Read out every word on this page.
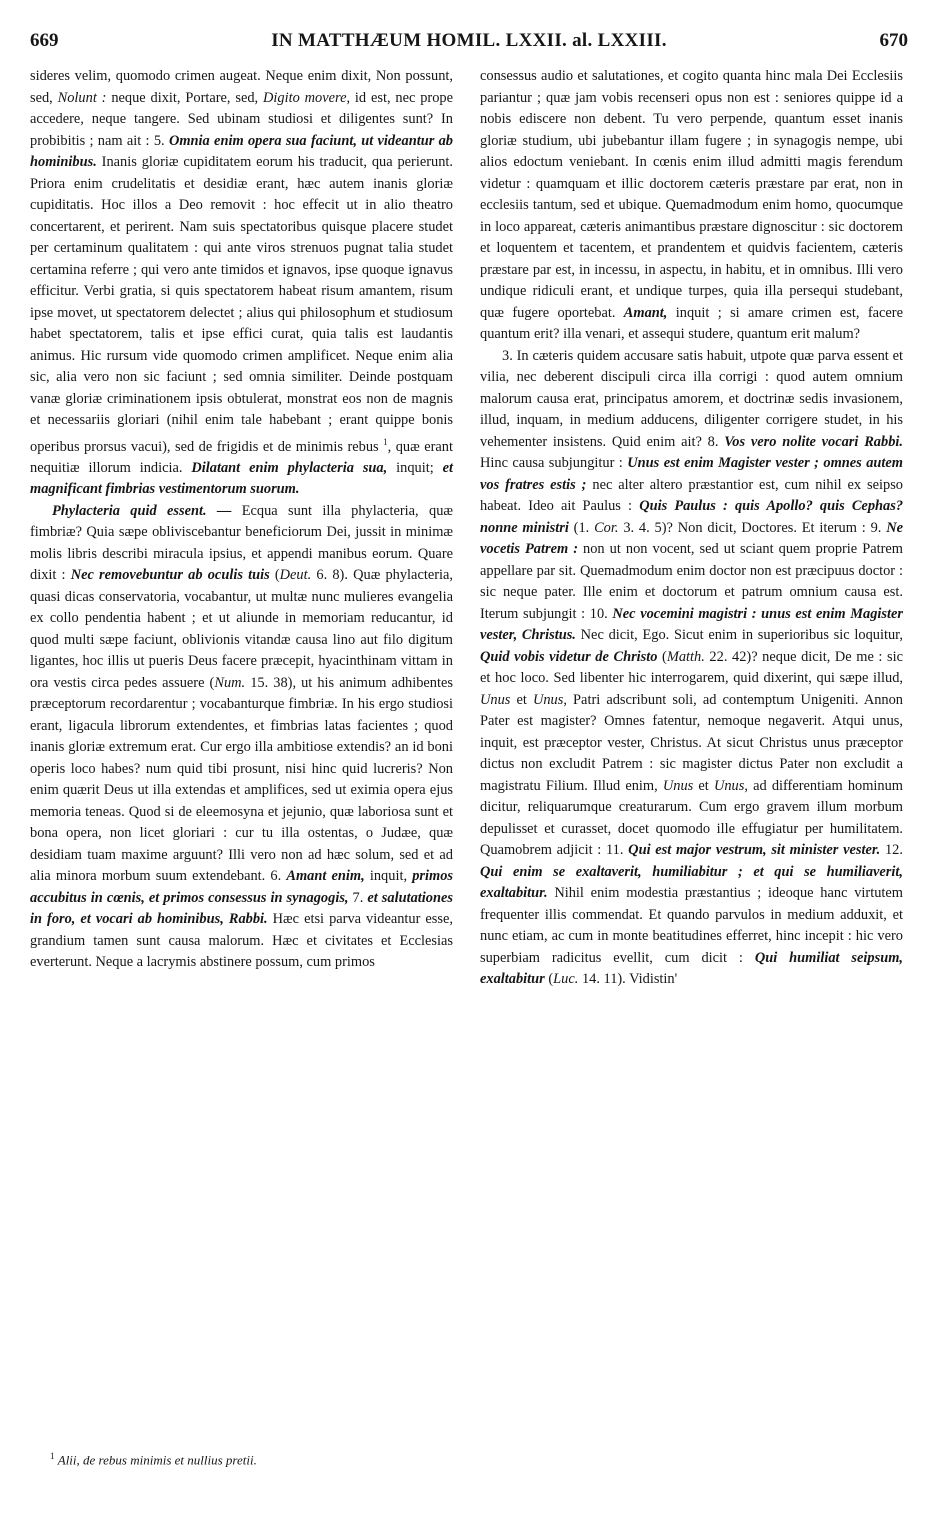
669	IN MATTHÆUM HOMIL. LXXII. al. LXXIII.	670

sideres velim, quomodo crimen augeat. Neque enim dixit, Non possunt, sed, Nolunt : neque dixit, Portare, sed, Digito movere, id est, nec prope accedere, neque tangere. Sed ubinam studiosi et diligentes sunt? In probibitis ; nam ait : 5. Omnia enim opera sua faciunt, ut videantur ab hominibus. Inanis gloriæ cupiditatem eorum his traducit, qua perierunt. Priora enim crudelitatis et desidiæ erant, hæc autem inanis gloriæ cupiditatis. Hoc illos a Deo removit : hoc effecit ut in alio theatro concertarent, et perirent. Nam suis spectatoribus quisque placere studet per certaminum qualitatem : qui ante viros strenuos pugnat talia studet certamina referre ; qui vero ante timidos et ignavos, ipse quoque ignavus efficitur. Verbi gratia, si quis spectatorem habeat risum amantem, risum ipse movet, ut spectatorem delectet ; alius qui philosophum et studiosum habet spectatorem, talis et ipse effici curat, quia talis est laudantis animus. Hic rursum vide quomodo crimen amplificet. Neque enim alia sic, alia vero non sic faciunt ; sed omnia similiter. Deinde postquam vanæ gloriæ criminationem ipsis obtulerat, monstrat eos non de magnis et necessariis gloriari (nihil enim tale habebant ; erant quippe bonis operibus prorsus vacui), sed de frigidis et de minimis rebus $^1$, quæ erant nequitiæ illorum indicia. Dilatant enim phylacteria sua, inquit; et magnificant fimbrias vestimentorum suorum.

Phylacteria quid essent. — Ecqua sunt illa phylacteria, quæ fimbriæ? Quia sæpe obliviscebantur beneficiorum Dei, jussit in minimæ molis libris describi miracula ipsius, et appendi manibus eorum. Quare dixit : Nec removebuntur ab oculis tuis (Deut. 6. 8). Quæ phylacteria, quasi dicas conservatoria, vocabantur, ut multæ nunc mulieres evangelia ex collo pendentia habent ; et ut aliunde in memoriam reducantur, id quod multi sæpe faciunt, oblivionis vitandæ causa lino aut filo digitum ligantes, hoc illis ut pueris Deus facere præcepit, hyacinthinam vittam in ora vestis circa pedes assuere (Num. 15. 38), ut his animum adhibentes præceptorum recordarentur ; vocabanturque fimbriæ. In his ergo studiosi erant, ligacula librorum extendentes, et fimbrias latas facientes ; quod inanis gloriæ extremum erat. Cur ergo illa ambitiose extendis? an id boni operis loco habes? num quid tibi prosunt, nisi hinc quid lucreris? Non enim quærit Deus ut illa extendas et amplifices, sed ut eximia opera ejus memoria teneas. Quod si de eleemosyna et jejunio, quæ laboriosa sunt et bona opera, non licet gloriari : cur tu illa ostentas, o Judæe, quæ desidiam tuam maxime arguunt? Illi vero non ad hæc solum, sed et ad alia minora morbum suum extendebant. 6. Amant enim, inquit, primos accubitus in cœnis, et primos consessus in synagogis, 7. et salutationes in foro, et vocari ab hominibus, Rabbi. Hæc etsi parva videantur esse, grandium tamen sunt causa malorum. Hæc et civitates et Ecclesias everterunt. Neque a lacrymis abstinere possum, cum primos

consessus audio et salutationes, et cogito quanta hinc mala Dei Ecclesiis pariantur ; quæ jam vobis recenseri opus non est : seniores quippe id a nobis ediscere non debent. Tu vero perpende, quantum esset inanis gloriæ studium, ubi jubebantur illam fugere ; in synagogis nempe, ubi alios edoctum veniebant. In cœnis enim illud admitti magis ferendum videtur : quamquam et illic doctorem cæteris præstare par erat, non in ecclesiis tantum, sed et ubique. Quemadmodum enim homo, quocumque in loco appareat, cæteris animantibus præstare dignoscitur : sic doctorem et loquentem et tacentem, et prandentem et quidvis facientem, cæteris præstare par est, in incessu, in aspectu, in habitu, et in omnibus. Illi vero undique ridiculi erant, et undique turpes, quia illa persequi studebant, quæ fugere oportebat. Amant, inquit ; si amare crimen est, facere quantum erit? illa venari, et assequi studere, quantum erit malum?

3. In cæteris quidem accusare satis habuit, utpote quæ parva essent et vilia, nec deberent discipuli circa illa corrigi : quod autem omnium malorum causa erat, principatus amorem, et doctrinæ sedis invasionem, illud, inquam, in medium adducens, diligenter corrigere studet, in his vehementer insistens. Quid enim ait? 8. Vos vero nolite vocari Rabbi. Hinc causa subjungitur : Unus est enim Magister vester ; omnes autem vos fratres estis ; nec alter altero præstantior est, cum nihil ex seipso habeat. Ideo ait Paulus : Quis Paulus : quis Apollo? quis Cephas? nonne ministri (1. Cor. 3. 4. 5)? Non dicit, Doctores. Et iterum : 9. Ne vocetis Patrem : non ut non vocent, sed ut sciant quem proprie Patrem appellare par sit. Quemadmodum enim doctor non est præcipuus doctor : sic neque pater. Ille enim et doctorum et patrum omnium causa est. Iterum subjungit : 10. Nec vocemini magistri : unus est enim Magister vester, Christus. Nec dicit, Ego. Sicut enim in superioribus sic loquitur, Quid vobis videtur de Christo (Matth. 22. 42)? neque dicit, De me : sic et hoc loco. Sed libenter hic interrogarem, quid dixerint, qui sæpe illud, Unus et Unus, Patri adscribunt soli, ad contemptum Unigeniti. Annon Pater est magister? Omnes fatentur, nemoque negaverit. Atqui unus, inquit, est præceptor vester, Christus. At sicut Christus unus præceptor dictus non excludit Patrem : sic magister dictus Pater non excludit a magistratu Filium. Illud enim, Unus et Unus, ad differentiam hominum dicitur, reliquarumque creaturarum. Cum ergo gravem illum morbum depulisset et curasset, docet quomodo ille effugiatur per humilitatem. Quamobrem adjicit : 11. Qui est major vestrum, sit minister vester. 12. Qui enim se exaltaverit, humiliabitur ; et qui se humiliaverit, exaltabitur. Nihil enim modestia præstantius ; ideoque hanc virtutem frequenter illis commendat. Et quando parvulos in medium adduxit, et nunc etiam, ac cum in monte beatitudines efferret, hinc incepit : hic vero superbiam radicitus evellit, cum dicit : Qui humiliat seipsum, exaltabitur (Luc. 14. 11). Vidistin'

$^1$ Alii, de rebus minimis et nullius pretii.
